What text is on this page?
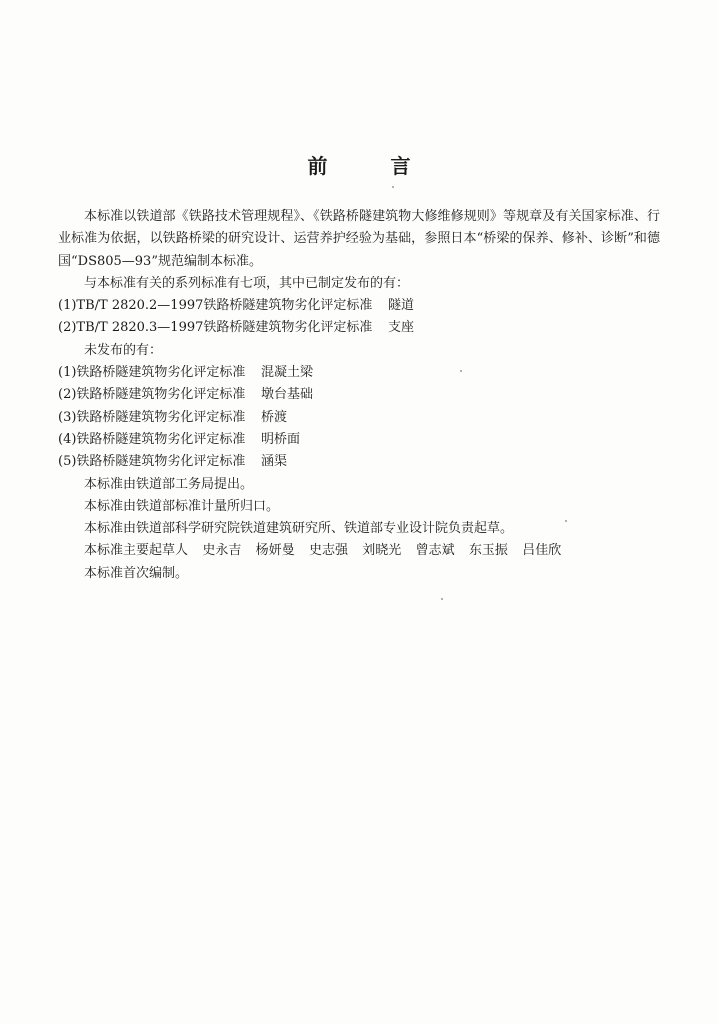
前 言

本标准以铁道部《铁路技术管理规程》、《铁路桥隧建筑物大修维修规则》等规章及有关国家标准、行业标准为依据，以铁路桥梁的研究设计、运营养护经验为基础，参照日本“桥梁的保养、修补、诊断”和德国“DS805—93”规范编制本标准。

与本标准有关的系列标准有七项，其中已制定发布的有：

(1)TB/T 2820.2—1997铁路桥隧建筑物劣化评定标准 隧道

(2)TB/T 2820.3—1997铁路桥隧建筑物劣化评定标准 支座

未发布的有：

(1)铁路桥隧建筑物劣化评定标准 混凝土梁

(2)铁路桥隧建筑物劣化评定标准 墩台基础

(3)铁路桥隧建筑物劣化评定标准 桥渡

(4)铁路桥隧建筑物劣化评定标准 明桥面

(5)铁路桥隧建筑物劣化评定标准 涵渠

本标准由铁道部工务局提出。

本标准由铁道部标准计量所归口。

本标准由铁道部科学研究院铁道建筑研究所、铁道部专业设计院负责起草。

本标准主要起草人 史永吉 杨妍曼 史志强 刘晓光 曾志斌 东玉振 吕佳欣

本标准首次编制。
